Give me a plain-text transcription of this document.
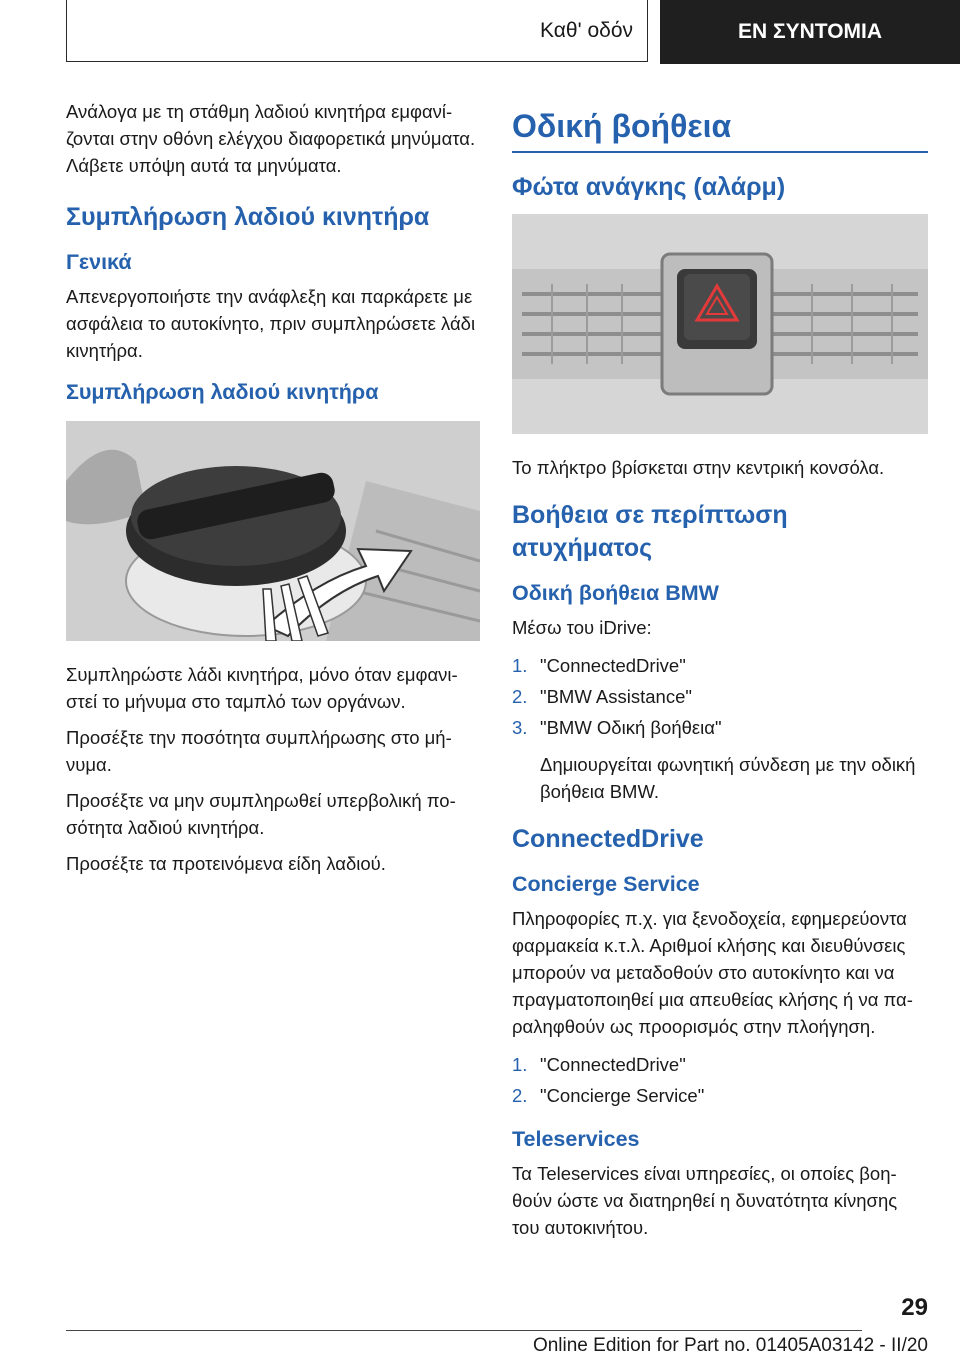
Καθ' οδόν	ΕΝ ΣΥΝΤΟΜΙΑ

Ανάλογα με τη στάθμη λαδιού κινητήρα εμφανίζονται στην οθόνη ελέγχου διαφορετικά μηνύματα. Λάβετε υπόψη αυτά τα μηνύματα.

Συμπλήρωση λαδιού κινητήρα
Γενικά

Απενεργοποιήστε την ανάφλεξη και παρκάρετε με ασφάλεια το αυτοκίνητο, πριν συμπληρώσετε λάδι κινητήρα.

Συμπλήρωση λαδιού κινητήρα

Συμπληρώστε λάδι κινητήρα, μόνο όταν εμφανιστεί το μήνυμα στο ταμπλό των οργάνων.

Προσέξτε την ποσότητα συμπλήρωσης στο μήνυμα.

Προσέξτε να μην συμπληρωθεί υπερβολική ποσότητα λαδιού κινητήρα.

Προσέξτε τα προτεινόμενα είδη λαδιού.

Οδική βοήθεια
Φώτα ανάγκης (αλάρμ)

Το πλήκτρο βρίσκεται στην κεντρική κονσόλα.

Βοήθεια σε περίπτωση ατυχήματος
Οδική βοήθεια BMW

Μέσω του iDrive:

1. "ConnectedDrive"
2. "BMW Assistance"
3. "BMW Οδική βοήθεια"

Δημιουργείται φωνητική σύνδεση με την οδική βοήθεια BMW.

ConnectedDrive
Concierge Service

Πληροφορίες π.χ. για ξενοδοχεία, εφημερεύοντα φαρμακεία κ.τ.λ. Αριθμοί κλήσης και διευθύνσεις μπορούν να μεταδοθούν στο αυτοκίνητο και να πραγματοποιηθεί μια απευθείας κλήσης ή να παραληφθούν ως προορισμός στην πλοήγηση.

1. "ConnectedDrive"
2. "Concierge Service"
Teleservices

Τα Teleservices είναι υπηρεσίες, οι οποίες βοηθούν ώστε να διατηρηθεί η δυνατότητα κίνησης του αυτοκινήτου.

29
Online Edition for Part no. 01405A03142 - II/20
